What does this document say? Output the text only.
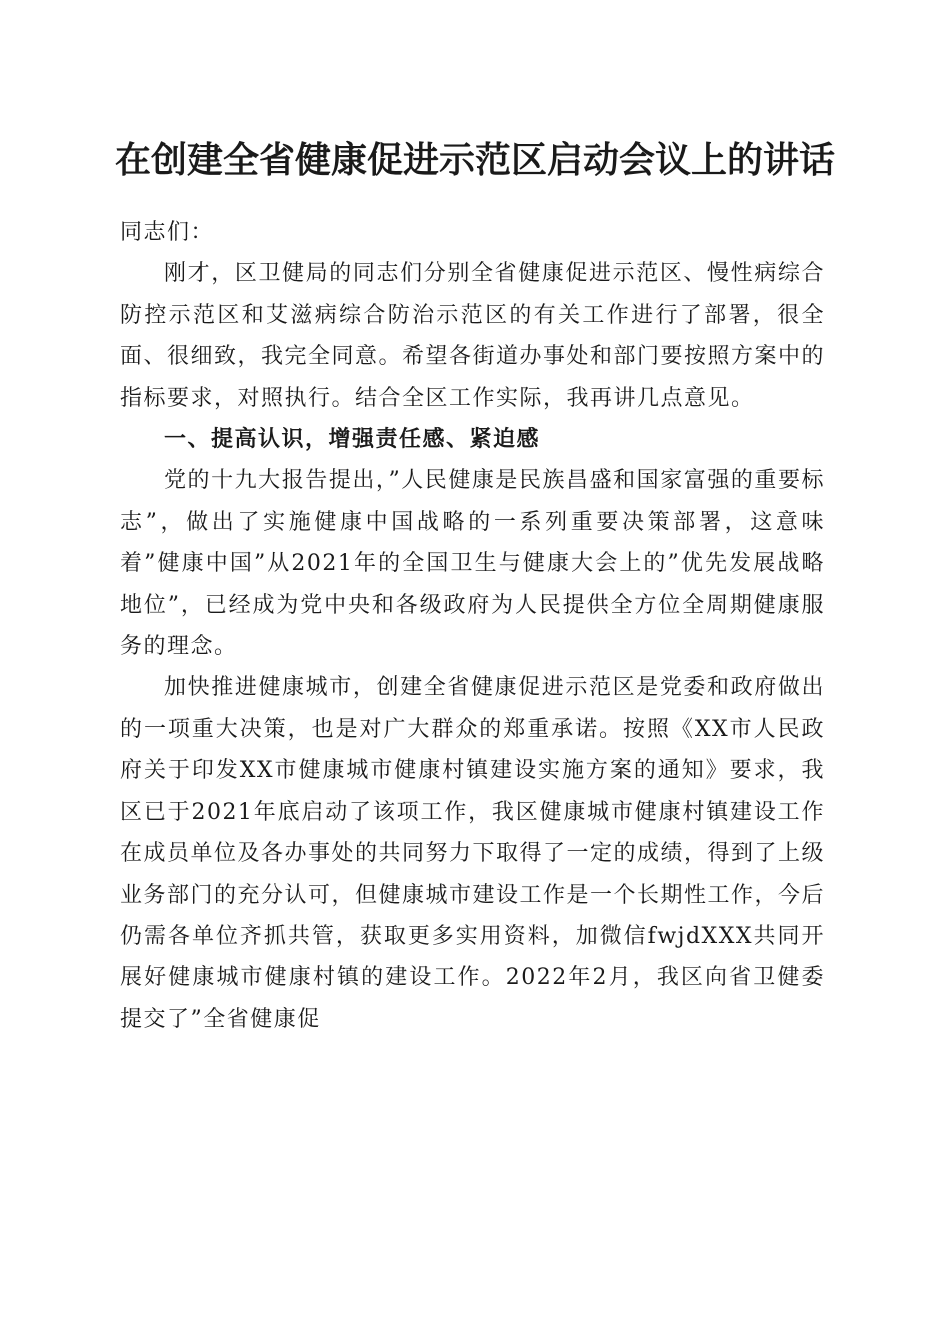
在创建全省健康促进示范区启动会议上的讲话

同志们：

刚才，区卫健局的同志们分别全省健康促进示范区、慢性病综合防控示范区和艾滋病综合防治示范区的有关工作进行了部署，很全面、很细致，我完全同意。希望各街道办事处和部门要按照方案中的指标要求，对照执行。结合全区工作实际，我再讲几点意见。

一、提高认识，增强责任感、紧迫感

党的十九大报告提出，”人民健康是民族昌盛和国家富强的重要标志”，做出了实施健康中国战略的一系列重要决策部署，这意味着”健康中国”从2021年的全国卫生与健康大会上的”优先发展战略地位”，已经成为党中央和各级政府为人民提供全方位全周期健康服务的理念。

加快推进健康城市，创建全省健康促进示范区是党委和政府做出的一项重大决策，也是对广大群众的郑重承诺。按照《XX市人民政府关于印发XX市健康城市健康村镇建设实施方案的通知》要求，我区已于2021年底启动了该项工作，我区健康城市健康村镇建设工作在成员单位及各办事处的共同努力下取得了一定的成绩，得到了上级业务部门的充分认可，但健康城市建设工作是一个长期性工作，今后仍需各单位齐抓共管，获取更多实用资料，加微信fwjdXXX共同开展好健康城市健康村镇的建设工作。2022年2月，我区向省卫健委提交了”全省健康促
